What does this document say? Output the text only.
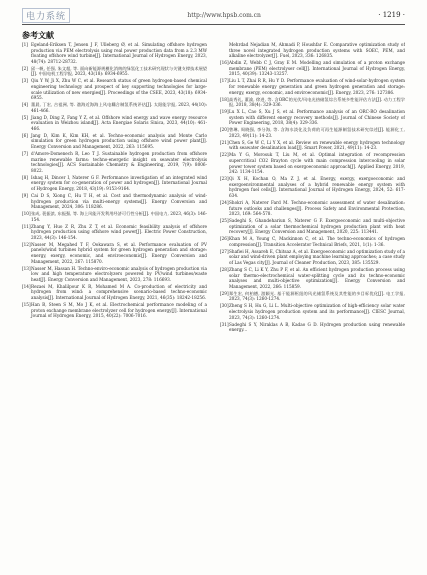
电力系统	http://www.hpsb.com.cn	· 1219 ·
参考文献
[1] Egeland-Eriksen T, Jensen J F, Ulleberg Ø, et al. Simulating offshore hydrogen production via PEM electrolysis using real power production data from a 2.3 MW floating offshore wind turbine[J]. International Journal of Hydrogen Energy, 2023, 48(74): 28712-28732.
[2] 邱一帆, 任强, 朱文超, 等. 面向新能源规模化消纳的绿氢化工技术研究现状与关键支撑技术展望[J]. 中国电机工程学报, 2023, 43(18): 6934-6955.
[3] Qiu Y W, Ji X, Zhu W C, et al. Research status of green hydrogen-based chemical engineering technology and prospect of key supporting technologies for large-scale utilization of new energies[J]. Proceedings of the CSEE, 2023, 43(18): 6934-6955.
[4] 董晨, 丁宏, 吉祖洲, 等. 渤海近海海上风电耦合制氢系统评估[J]. 太阳能学报, 2023, 44(10): 461-466.
[5] Jiang D, Ding Z, Fang Y Z, et al. Offshore wind energy and wave energy resource evaluation in Weizhou island[J]. Acta Energiae Solaris Sinica, 2023, 44(10): 461-466.
[6] Jang D, Kim K, Kim KH, et al. Techno-economic analysis and Monte Carlo simulation for green hydrogen production using offshore wind power plant[J]. Energy Conversion and Management, 2022, 263: 115695.
[7] d'Amore-Domenech R, Leo T J. Sustainable hydrogen production from offshore marine renewable farms: techno-energetic insight on seawater electrolysis technologies[J]. ACS Sustainable Chemistry & Engineering, 2019, 7(9): 8006-8022.
[8] Ishaq H, Dincer I, Naterer G F. Performance investigation of an integrated wind energy system for co-generation of power and hydrogen[J]. International Journal of Hydrogen Energy, 2018, 43(19): 9153-9164.
[9] Cai D S, Xiong C, Hu T H, et al. Cost and thermodynamic analysis of wind-hydrogen production via multi-energy systems[J]. Energy Conversion and Management, 2024, 306: 118286.
[10] 张成, 裴振滨, 东振强, 等. 海上风能开发利用经济可行性分析[J]. 中国电力, 2023, 46(3): 146-154.
[11] Zhang Y, Huo Z R, Zhu Z T, et al. Economic feasibility analysis of offshore hydrogen production using offshore wind power[J]. Electric Power Construction, 2023, 44(3): 146-154.
[12] Nasser M, Megahed T F, Ookawara S, et al. Performance evaluation of PV panels/wind turbines hybrid system for green hydrogen generation and storage: energy, exergy, economic, and enviroeconomic[J]. Energy Conversion and Management, 2022, 267: 115870.
[13] Nasser M, Hassan H. Techno-enviro-economic analysis of hydrogen production via low and high temperature electrolyzers powered by PV/wind turbines/waste heat[J]. Energy Conversion and Management, 2023, 278: 116693.
[14] Rezaei M, Khalilpour K R, Mohamed M A. Co-production of electricity and hydrogen from wind: a comprehensive scenario-based techno-economic analysis[J]. International Journal of Hydrogen Energy, 2021, 46(35): 18242-18256.
[15] Han B, Steen S M, Mo J K, et al. Electrochemical performance modeling of a proton exchange membrane electrolyzer cell for hydrogen energy[J]. International Journal of Hydrogen Energy, 2015, 40(22): 7006-7016.
Mehrdad Nejadian M, Ahmadi P, Houshfar E. Comparative optimization study of three novel integrated hydrogen production systems with SOEC, PEM, and alkaline electrolyzer[J]. Fuel, 2023, 336: 126835.
[16] Abdin Z, Webb C J, Gray E M. Modelling and simulation of a proton exchange membrane (PEM) electrolyser cell[J]. International Journal of Hydrogen Energy, 2015, 40(39): 13243-13257.
[17] Liu L T, Zhai R R, Hu Y D. Performance evaluation of wind-solar-hydrogen system for renewable energy generation and green hydrogen generation and storage: energy, exergy, economic, and enviroeconomic[J]. Energy, 2023, 276: 127386.
[18] 高秀礼, 董渝, 徐进, 等. 含ORC的光伏/风电光热储氢综合系统多性能评估方法[J]. 动力工程学报, 2018, 38(4): 329-336.
[19] Lu X L, Cao S, Xu J S, et al. Performance analysis of an ORC-RO desalination system with different energy recovery methods[J]. Journal of Chinese Society of Power Engineering, 2018, 38(4): 329-336.
[20] 曾琳, 周晓强, 李分海, 等. 含海水淡化及负荷的可再生能源制氢技术研究综述[J]. 能源化工, 2023, 49(11): 14-23.
[21] Chen S, Ge W C, Li Y X, et al. Review on renewable energy hydrogen technology with seawater desalination load[J]. Smart Power, 2021, 49(11): 14-23.
[22] Ma Y G, Morosuk T, Liu M, et al. Optimal integration of recompression supercritical CO2 Brayton cycle with main compression intercooling in solar power tower system based on exergoeconomic approach[J]. Applied Energy, 2019, 242: 1134-1154.
[23] Qi X H, Kochan O, Ma Z J, et al. Energy, exergy, exergoeconomic and exergoenvironmental analyses of a hybrid renewable energy system with hydrogen fuel cells[J]. International Journal of Hydrogen Energy, 2024, 52: 617-634.
[24] Shokri A, Naterer Fard M. Techno-economic assessment of water desalination: future outlooks and challenges[J]. Process Safety and Environmental Protection, 2023, 169: 564-578.
[25] Sadeghi S, Ghandehariun S, Naterer G F. Exergoeconomic and multi-objective optimization of a solar thermochemical hydrogen production plant with heat recovery[J]. Energy Conversion and Management, 2020, 225: 113441.
[26] Khan M A, Young C, Mackinnon C, et al. The techno-economics of hydrogen compression[J]. Transition Accelerator Technical Briefs, 2021, 1(1): 1-36.
[27] Shafiei H, Assareh E, Chitsaz A, et al. Exergoeconomic and optimization study of a solar and wind-driven plant employing machine learning approaches; a case study of Las Vegas city[J]. Journal of Cleaner Production, 2023, 385: 135529.
[28] Zhang S C, Li K Y, Zhu P F, et al. An efficient hydrogen production process using solar thermo-electrochemical water-splitting cycle and its techno-economic analyses and multi-objective optimization[J]. Energy Conversion and Management, 2022, 266: 115859.
[29] 郑生宏, 何柏德, 游颖光. 基于能源枢纽的风光储氢系统及其性能的多目标优化[J]. 电工学报, 2023, 74(3): 1260-1274.
[30] Zheng S H, Hu G, Li L. Multi-objective optimization of high-efficiency solar water electrolysis hydrogen production system and its performance[J]. CIESC Journal, 2023, 74(3): 1260-1274.
[31] Sadeghi S Y, Niraklas A B, Kadao G D. Hydrogen production using renewable energy...
